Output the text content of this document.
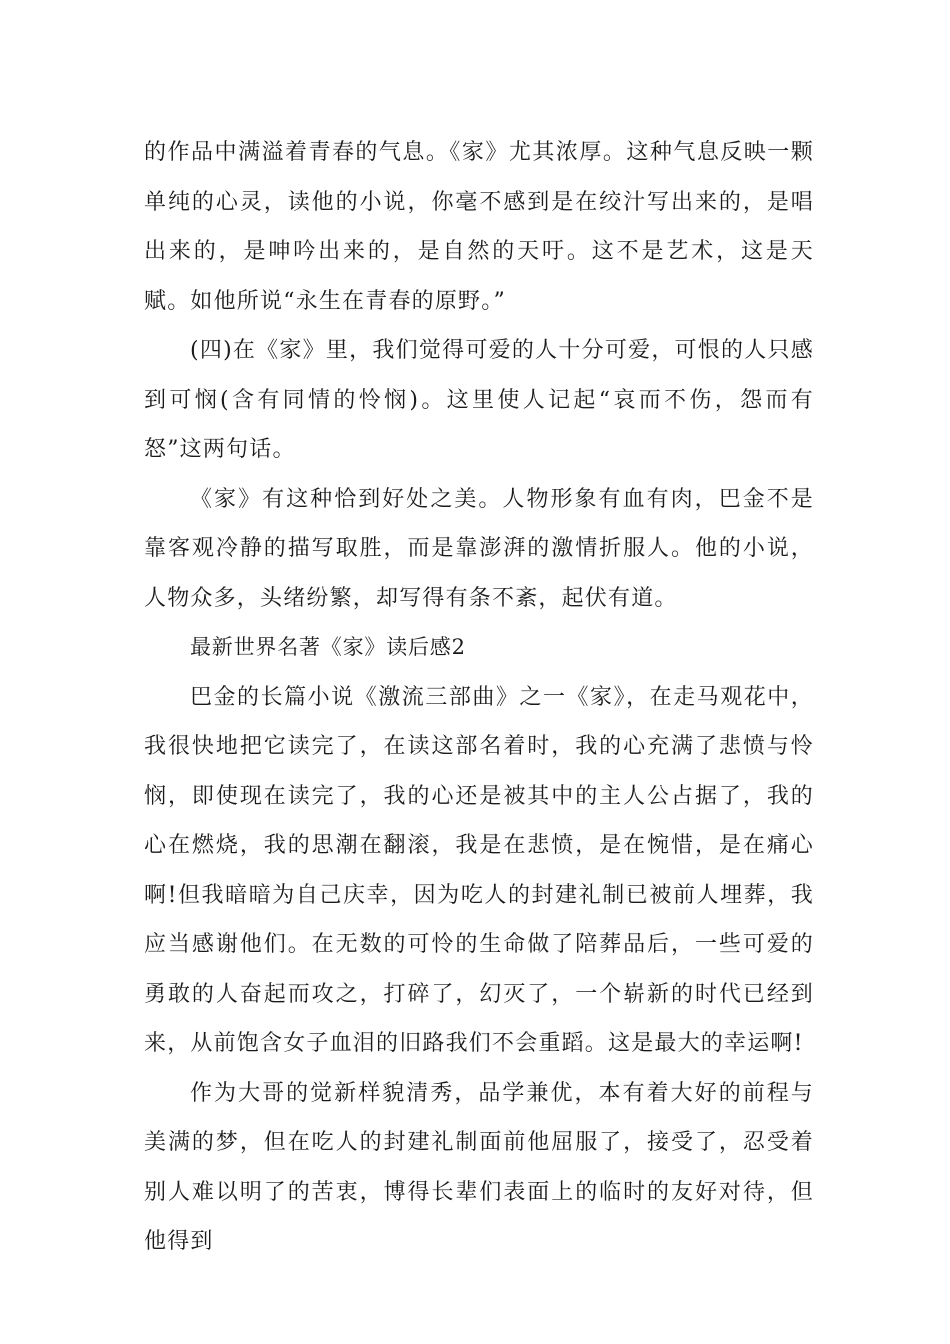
的作品中满溢着青春的气息。《家》尤其浓厚。这种气息反映一颗单纯的心灵，读他的小说，你毫不感到是在绞汁写出来的，是唱出来的，是呻吟出来的，是自然的天吁。这不是艺术，这是天赋。如他所说“永生在青春的原野。”

(四)在《家》里，我们觉得可爱的人十分可爱，可恨的人只感到可悯(含有同情的怜悯)。这里使人记起“哀而不伤，怨而有怒”这两句话。

《家》有这种恰到好处之美。人物形象有血有肉，巴金不是靠客观冷静的描写取胜，而是靠澎湃的激情折服人。他的小说，人物众多，头绪纷繁，却写得有条不紊，起伏有道。

最新世界名著《家》读后感2

巴金的长篇小说《激流三部曲》之一《家》，在走马观花中，我很快地把它读完了，在读这部名着时，我的心充满了悲愤与怜悯，即使现在读完了，我的心还是被其中的主人公占据了，我的心在燃烧，我的思潮在翻滚，我是在悲愤，是在惋惜，是在痛心啊!但我暗暗为自己庆幸，因为吃人的封建礼制已被前人埋葬，我应当感谢他们。在无数的可怜的生命做了陪葬品后，一些可爱的勇敢的人奋起而攻之，打碎了，幻灭了，一个崭新的时代已经到来，从前饱含女子血泪的旧路我们不会重蹈。这是最大的幸运啊!

作为大哥的觉新样貌清秀，品学兼优，本有着大好的前程与美满的梦，但在吃人的封建礼制面前他屈服了，接受了，忍受着别人难以明了的苦衷，博得长辈们表面上的临时的友好对待，但他得到
